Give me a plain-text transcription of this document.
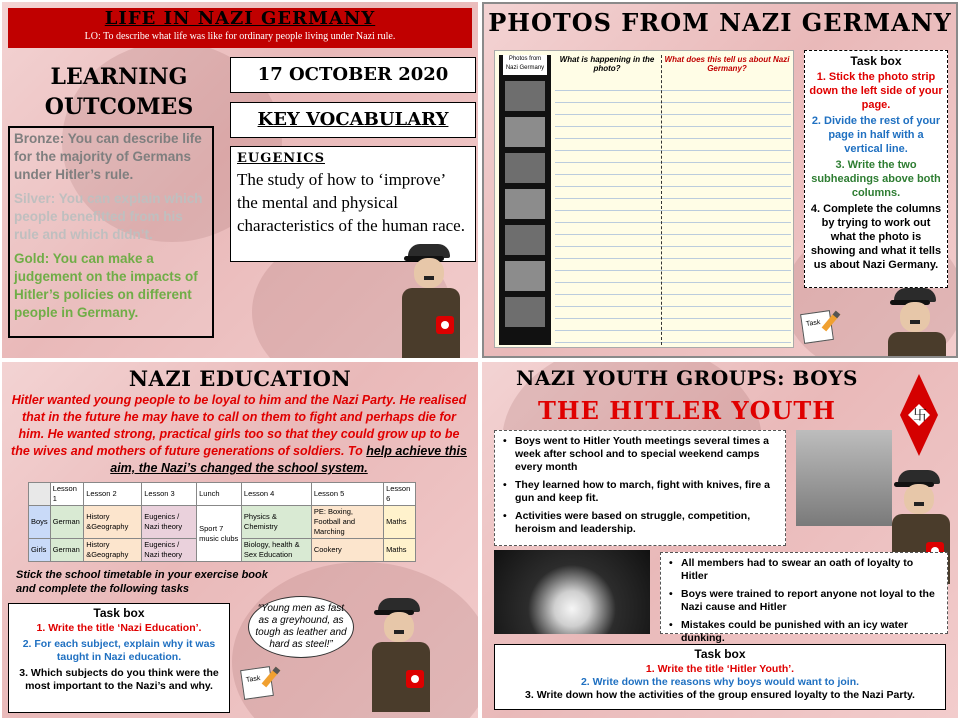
LIFE IN NAZI GERMANY
LO: To describe what life was like for ordinary people living under Nazi rule.
LEARNING
OUTCOMES
17 OCTOBER 2020
KEY VOCABULARY
EUGENICS
The study of how to ‘improve’ the mental and physical characteristics of the human race.

Bronze: You can describe life for the majority of Germans under Hitler’s rule.

Silver: You can explain which people benefitted from his rule and which didn’t.

Gold: You can make a judgement on the impacts of Hitler’s policies on different people in Germany.

PHOTOS FROM NAZI GERMANY
Photos from Nazi Germany
What is happening in the photo?
What does this tell us about Nazi Germany?
Task box
1. Stick the photo strip down the left side of your page.
2. Divide the rest of your page in half with a vertical line.
3. Write the two subheadings above both columns.
4. Complete the columns by trying to work out what the photo is showing and what it tells us about Nazi Germany.
Task
NAZI EDUCATION
Hitler wanted young people to be loyal to him and the Nazi Party. He realised that in the future he may have to call on them to fight and perhaps die for him. He wanted strong, practical girls too so that they could grow up to be the wives and mothers of future generations of soldiers. To help achieve this aim, the Nazi’s changed the school system.
	Lesson 1	Lesson 2	Lesson 3	Lunch	Lesson 4	Lesson 5	Lesson 6
Boys	German	History &Geography	Eugenics / Nazi theory	Sport 7 music clubs	Physics & Chemistry	PE: Boxing, Football and Marching	Maths
Girls	German	History &Geography	Eugenics / Nazi theory		Biology, health & Sex Education	Cookery	Maths
Stick the school timetable in your exercise book and complete the following tasks
Task box
1. Write the title ‘Nazi Education’.
2. For each subject, explain why it was taught in Nazi education.
3. Which subjects do you think were the most important to the Nazi’s and why.
“Young men as fast as a greyhound, as tough as leather and hard as steel!”
Task
NAZI YOUTH GROUPS: BOYS
THE HITLER YOUTH	卐
• Boys went to Hitler Youth meetings several times a week after school and to special weekend camps every month
• They learned how to march, fight with knives, fire a gun and keep fit.
• Activities were based on struggle, competition, heroism and leadership.
• All members had to swear an oath of loyalty to Hitler
• Boys were trained to report anyone not loyal to the Nazi cause and Hitler
• Mistakes could be punished with an icy water dunking.
Task box
1. Write the title ‘Hitler Youth’.
2. Write down the reasons why boys would want to join.
3. Write down how the activities of the group ensured loyalty to the Nazi Party.
